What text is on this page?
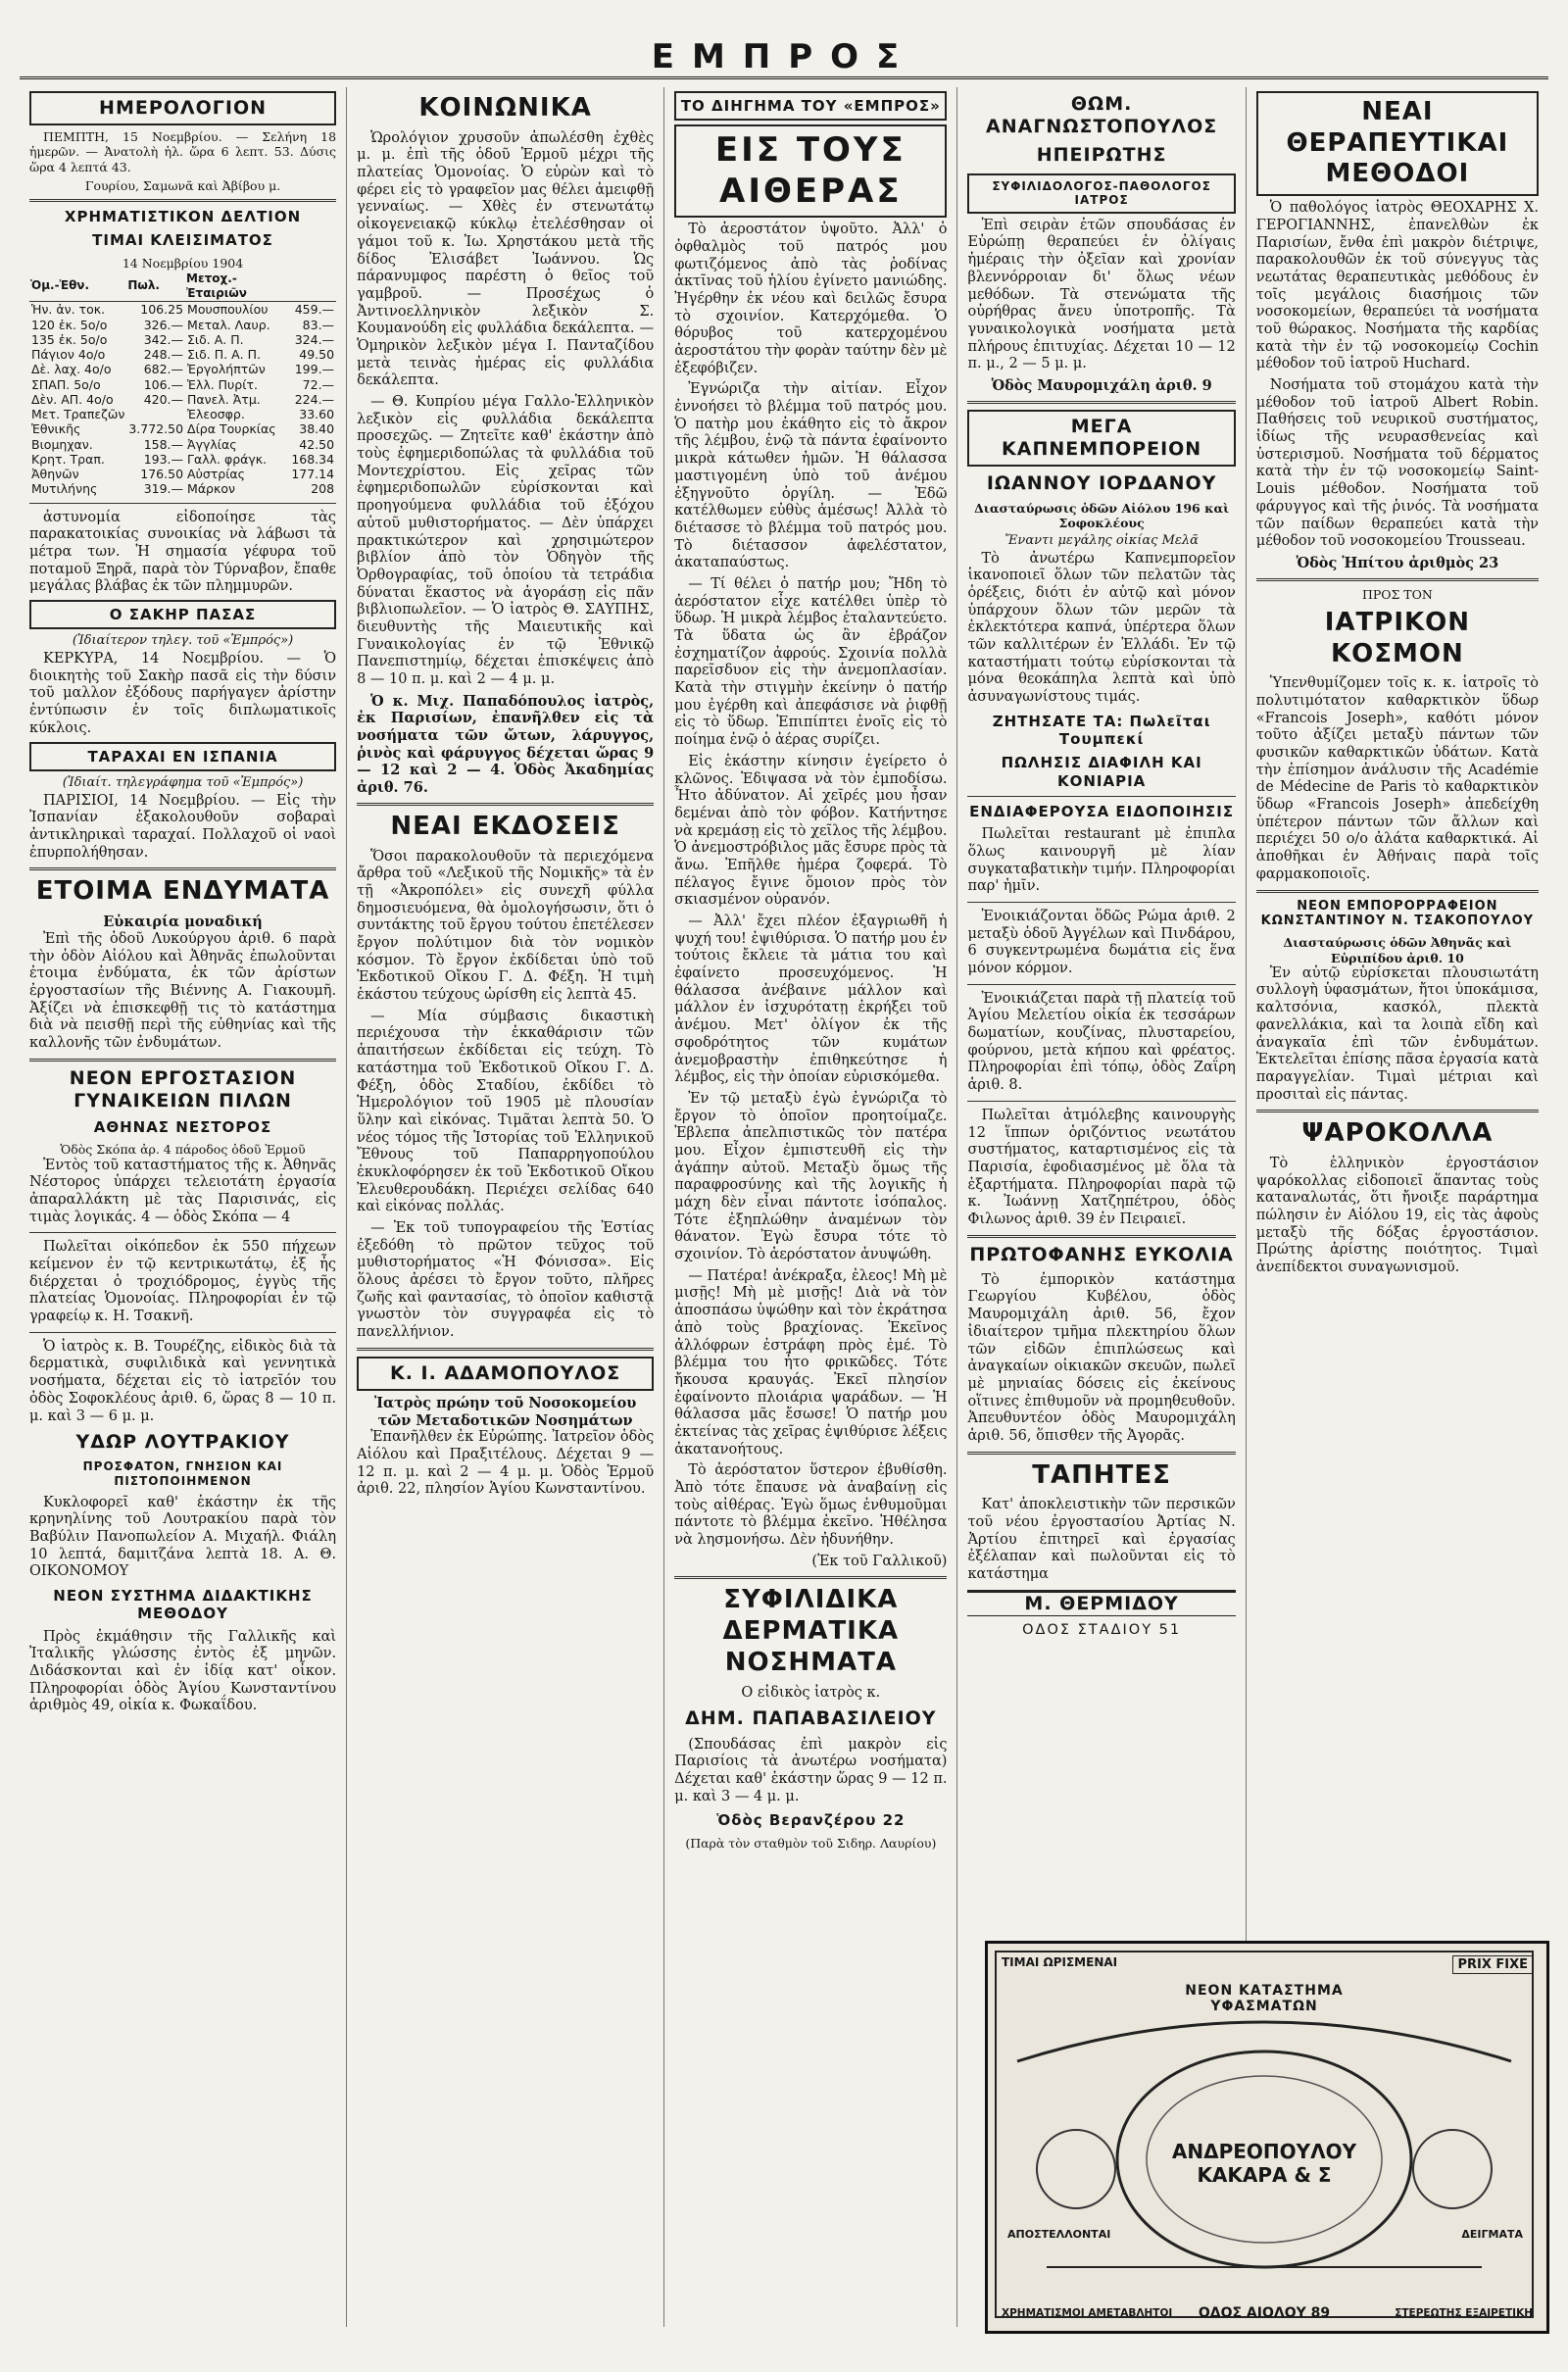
ΕΜΠΡΟΣ
ΗΜΕΡΟΛΟΓΙΟΝ

ΠΕΜΠΤΗ, 15 Νοεμβρίου. — Σελήνη 18 ἡμερῶν. — Ἀνατολὴ ἡλ. ὥρα 6 λεπτ. 53. Δύσις ὥρα 4 λεπτά 43.

Γουρίου, Σαμωνᾶ καὶ Ἀβίβου μ.
ΧΡΗΜΑΤΙΣΤΙΚΟΝ ΔΕΛΤΙΟΝ
ΤΙΜΑΙ ΚΛΕΙΣΙΜΑΤΟΣ
14 Νοεμβρίου 1904
Ὁμ.-Ἐθν.	Πωλ.	Μετοχ.-Ἐταιριῶν	
Ἡν. ἀν. τοκ.	106.25	Μουσπουλίου	459.—
120 ἐκ. 5ο/ο	326.—	Μεταλ. Λαυρ.	83.—
135 ἐκ. 5ο/ο	342.—	Σιδ. Α. Π.	324.—
Πάγιον 4ο/ο	248.—	Σιδ. Π. Α. Π.	49.50
Δὲ. λαχ. 4ο/ο	682.—	Ἐργολήπτῶν	199.—
ΣΠΑΠ. 5ο/ο	106.—	Ἑλλ. Πυρίτ.	72.—
Δὲν. ΑΠ. 4ο/ο	420.—	Πανελ. Ἀτμ.	224.—
Μετ. Τραπεζῶν		Ἐλεοσφρ.	33.60
Ἐθνικῆς	3.772.50	Δίρα Τουρκίας	38.40
Βιομηχαν.	158.—	Ἀγγλίας	42.50
Κρητ. Τραπ.	193.—	Γαλλ. φράγκ.	168.34
Ἀθηνῶν	176.50	Αὐστρίας	177.14
Μυτιλήνης	319.—	Μάρκον	208

ἀστυνομία εἰδοποίησε τὰς παρακατοικίας συνοικίας νὰ λάβωσι τὰ μέτρα των. Ἡ σημασία γέφυρα τοῦ ποταμοῦ Ξηρᾶ, παρὰ τὸν Τύρναβον, ἔπαθε μεγάλας βλάβας ἐκ τῶν πλημμυρῶν.

Ο ΣΑΚΗΡ ΠΑΣΑΣ
(Ἰδιαίτερον τηλεγ. τοῦ «Ἐμπρός»)

ΚΕΡΚΥΡΑ, 14 Νοεμβρίου. — Ὁ διοικητὴς τοῦ Σακὴρ πασᾶ εἰς τὴν δύσιν τοῦ μαλλον ἐξόδους παρήγαγεν ἀρίστην ἐντύπωσιν ἐν τοῖς διπλωματικοῖς κύκλοις.

ΤΑΡΑΧΑΙ ΕΝ ΙΣΠΑΝΙΑ
(Ἰδιαίτ. τηλεγράφημα τοῦ «Ἐμπρός»)

ΠΑΡΙΣΙΟΙ, 14 Νοεμβρίου. — Εἰς τὴν Ἰσπανίαν ἐξακολουθοῦν σοβαραὶ ἀντικληρικαὶ ταραχαί. Πολλαχοῦ οἱ ναοὶ ἐπυρπολήθησαν.

ΕΤΟΙΜΑ ΕΝΔΥΜΑΤΑ
Εὐκαιρία μοναδική

Ἐπὶ τῆς ὁδοῦ Λυκούργου ἀριθ. 6 παρὰ τὴν ὁδὸν Αἰόλου καὶ Ἀθηνᾶς ἐπωλοῦνται ἐτοιμα ἐνδύματα, ἐκ τῶν ἀρίστων ἐργοστασίων τῆς Βιέννης Α. Γιακουμῆ. Ἀξίζει νὰ ἐπισκεφθῇ τις τὸ κατάστημα διὰ νὰ πεισθῇ περὶ τῆς εὐθηνίας καὶ τῆς καλλονῆς τῶν ἐνδυμάτων.

ΝΕΟΝ ΕΡΓΟΣΤΑΣΙΟΝ ΓΥΝΑΙΚΕΙΩΝ ΠΙΛΩΝ
ΑΘΗΝΑΣ ΝΕΣΤΟΡΟΣ
Ὁδὸς Σκόπα ἀρ. 4 πάροδος ὁδοῦ Ἑρμοῦ

Ἐντὸς τοῦ καταστήματος τῆς κ. Ἀθηνᾶς Νέστορος ὑπάρχει τελειοτάτη ἐργασία ἀπαραλλάκτη μὲ τὰς Παρισινάς, εἰς τιμὰς λογικάς. 4 — ὁδὸς Σκόπα — 4

Πωλεῖται οἰκόπεδον ἐκ 550 πήχεων κείμενον ἐν τῷ κεντρικωτάτῳ, ἐξ ἧς διέρχεται ὁ τροχιόδρομος, ἐγγὺς τῆς πλατείας Ὁμονοίας. Πληροφορίαι ἐν τῷ γραφείῳ κ. Η. Τσακνῆ.

Ὁ ἰατρὸς κ. Β. Τουρέζης, εἰδικὸς διὰ τὰ δερματικὰ, συφιλιδικὰ καὶ γεννητικὰ νοσήματα, δέχεται εἰς τὸ ἰατρεῖόν του ὁδὸς Σοφοκλέους ἀριθ. 6, ὥρας 8 — 10 π. μ. καὶ 3 — 6 μ. μ.

ΥΔΩΡ ΛΟΥΤΡΑΚΙΟΥ
ΠΡΟΣΦΑΤΟΝ, ΓΝΗΣΙΟΝ ΚΑΙ ΠΙΣΤΟΠΟΙΗΜΕΝΟΝ

Κυκλοφορεῖ καθ' ἑκάστην ἐκ τῆς κρηνηλίνης τοῦ Λουτρακίου παρὰ τὸν Βαβύλιν Πανοπωλείον Α. Μιχαήλ. Φιάλη 10 λεπτά, δαμιτζάνα λεπτὰ 18. Α. Θ. ΟΙΚΟΝΟΜΟΥ

ΝΕΟΝ ΣΥΣΤΗΜΑ ΔΙΔΑΚΤΙΚΗΣ ΜΕΘΟΔΟΥ

Πρὸς ἐκμάθησιν τῆς Γαλλικῆς καὶ Ἰταλικῆς γλώσσης ἐντὸς ἐξ μηνῶν. Διδάσκονται καὶ ἐν ἰδίᾳ κατ' οἶκον. Πληροφορίαι ὁδὸς Ἁγίου Κωνσταντίνου ἀριθμὸς 49, οἰκία κ. Φωκαΐδου.

ΚΟΙΝΩΝΙΚΑ

Ὡρολόγιον χρυσοῦν ἀπωλέσθη ἐχθὲς μ. μ. ἐπὶ τῆς ὁδοῦ Ἑρμοῦ μέχρι τῆς πλατείας Ὁμονοίας. Ὁ εὑρὼν καὶ τὸ φέρει εἰς τὸ γραφεῖον μας θέλει ἀμειφθῇ γενναίως. — Χθὲς ἐν στενωτάτῳ οἰκογενειακῷ κύκλῳ ἐτελέσθησαν οἱ γάμοι τοῦ κ. Ἰω. Χρηστάκου μετὰ τῆς δίδος Ἐλισάβετ Ἰωάννου. Ὡς πάρανυμφος παρέστη ὁ θεῖος τοῦ γαμβροῦ. — Προσέχως ὁ Ἀντινοελληνικὸν λεξικὸν Σ. Κουμανούδη εἰς φυλλάδια δεκάλεπτα. — Ὁμηρικὸν λεξικὸν μέγα Ι. Πανταζίδου μετὰ τεινὰς ἡμέρας εἰς φυλλάδια δεκάλεπτα.

— Θ. Κυπρίου μέγα Γαλλο-Ἑλληνικὸν λεξικὸν εἰς φυλλάδια δεκάλεπτα προσεχῶς. — Ζητεῖτε καθ' ἑκάστην ἀπὸ τοὺς ἐφημεριδοπώλας τὰ φυλλάδια τοῦ Μοντεχρίστου. Εἰς χεῖρας τῶν ἐφημεριδοπωλῶν εὑρίσκονται καὶ προηγούμενα φυλλάδια τοῦ ἐξόχου αὐτοῦ μυθιστορήματος. — Δὲν ὑπάρχει πρακτικώτερον καὶ χρησιμώτερον βιβλίον ἀπὸ τὸν Ὁδηγὸν τῆς Ὀρθογραφίας, τοῦ ὁποίου τὰ τετράδια δύναται ἕκαστος νὰ ἀγοράσῃ εἰς πᾶν βιβλιοπωλεῖον. — Ὁ ἰατρὸς Θ. ΣΑΥΠΗΣ, διευθυντὴς τῆς Μαιευτικῆς καὶ Γυναικολογίας ἐν τῷ Ἐθνικῷ Πανεπιστημίῳ, δέχεται ἐπισκέψεις ἀπὸ 8 — 10 π. μ. καὶ 2 — 4 μ. μ.

Ὁ κ. Μιχ. Παπαδόπουλος ἰατρὸς, ἐκ Παρισίων, ἐπανῆλθεν εἰς τὰ νοσήματα τῶν ὤτων, λάρυγγος, ῥινὸς καὶ φάρυγγος δέχεται ὥρας 9 — 12 καὶ 2 — 4. Ὁδὸς Ἀκαδημίας ἀριθ. 76.

ΝΕΑΙ ΕΚΔΟΣΕΙΣ

Ὅσοι παρακολουθοῦν τὰ περιεχόμενα ἄρθρα τοῦ «Λεξικοῦ τῆς Νομικῆς» τὰ ἐν τῇ «Ἀκροπόλει» εἰς συνεχῆ φύλλα δημοσιευόμενα, θὰ ὁμολογήσωσιν, ὅτι ὁ συντάκτης τοῦ ἔργου τούτου ἐπετέλεσεν ἔργον πολύτιμον διὰ τὸν νομικὸν κόσμον. Τὸ ἔργον ἐκδίδεται ὑπὸ τοῦ Ἐκδοτικοῦ Οἴκου Γ. Δ. Φέξη. Ἡ τιμὴ ἑκάστου τεύχους ὡρίσθη εἰς λεπτὰ 45.

— Μία σύμβασις δικαστικὴ περιέχουσα τὴν ἐκκαθάρισιν τῶν ἀπαιτήσεων ἐκδίδεται εἰς τεύχη. Τὸ κατάστημα τοῦ Ἐκδοτικοῦ Οἴκου Γ. Δ. Φέξη, ὁδὸς Σταδίου, ἐκδίδει τὸ Ἡμερολόγιον τοῦ 1905 μὲ πλουσίαν ὕλην καὶ εἰκόνας. Τιμᾶται λεπτὰ 50. Ὁ νέος τόμος τῆς Ἱστορίας τοῦ Ἑλληνικοῦ Ἔθνους τοῦ Παπαρρηγοπούλου ἐκυκλοφόρησεν ἐκ τοῦ Ἐκδοτικοῦ Οἴκου Ἐλευθερουδάκη. Περιέχει σελίδας 640 καὶ εἰκόνας πολλάς.

— Ἐκ τοῦ τυπογραφείου τῆς Ἑστίας ἐξεδόθη τὸ πρῶτον τεῦχος τοῦ μυθιστορήματος «Ἡ Φόνισσα». Εἰς ὅλους ἀρέσει τὸ ἔργον τοῦτο, πλῆρες ζωῆς καὶ φαντασίας, τὸ ὁποῖον καθιστᾷ γνωστὸν τὸν συγγραφέα εἰς τὸ πανελλήνιον.

Κ. Ι. ΑΔΑΜΟΠΟΥΛΟΣ
Ἰατρὸς πρώην τοῦ Νοσοκομείου τῶν Μεταδοτικῶν Νοσημάτων

Ἐπανῆλθεν ἐκ Εὐρώπης. Ἰατρεῖον ὁδὸς Αἰόλου καὶ Πραξιτέλους. Δέχεται 9 — 12 π. μ. καὶ 2 — 4 μ. μ. Ὁδὸς Ἑρμοῦ ἀριθ. 22, πλησίον Ἁγίου Κωνσταντίνου.

ΤΟ ΔΙΗΓΗΜΑ ΤΟΥ «ΕΜΠΡΟΣ»
ΕΙΣ ΤΟΥΣ ΑΙΘΕΡΑΣ

Τὸ ἀεροστάτον ὑψοῦτο. Ἀλλ' ὁ ὀφθαλμὸς τοῦ πατρός μου φωτιζόμενος ἀπὸ τὰς ῥοδίνας ἀκτῖνας τοῦ ἡλίου ἐγίνετο μανιώδης. Ἠγέρθην ἐκ νέου καὶ δειλῶς ἔσυρα τὸ σχοινίον. Κατερχόμεθα. Ὁ θόρυβος τοῦ κατερχομένου ἀεροστάτου τὴν φορὰν ταύτην δὲν μὲ ἐξεφόβιζεν.

Ἐγνώριζα τὴν αἰτίαν. Εἶχον ἐννοήσει τὸ βλέμμα τοῦ πατρός μου. Ὁ πατὴρ μου ἐκάθητο εἰς τὸ ἄκρον τῆς λέμβου, ἐνῷ τὰ πάντα ἐφαίνοντο μικρὰ κάτωθεν ἡμῶν. Ἡ θάλασσα μαστιγομένη ὑπὸ τοῦ ἀνέμου ἐξηγνοῦτο ὀργίλη. — Ἐδῶ κατέλθωμεν εὐθὺς ἀμέσως! Ἀλλὰ τὸ διέτασσε τὸ βλέμμα τοῦ πατρός μου. Τὸ διέτασσον ἀφελέστατον, ἀκαταπαύστως.

— Τί θέλει ὁ πατήρ μου; Ἤδη τὸ ἀερόστατον εἶχε κατέλθει ὑπὲρ τὸ ὕδωρ. Ἡ μικρὰ λέμβος ἐταλαντεύετο. Τὰ ὕδατα ὡς ἂν ἐβράζον ἐσχηματίζον ἀφρούς. Σχοινία πολλὰ παρεῖσδυον εἰς τὴν ἀνεμοπλασίαν. Κατὰ τὴν στιγμὴν ἐκείνην ὁ πατήρ μου ἐγέρθη καὶ ἀπεφάσισε νὰ ῥιφθῇ εἰς τὸ ὕδωρ. Ἐπιπίπτει ἐνοῖς εἰς τὸ ποίημα ἐνῷ ὁ ἀέρας συρίζει.

Εἰς ἑκάστην κίνησιν ἐγείρετο ὁ κλῶνος. Ἐδιψασα νὰ τὸν ἐμποδίσω. Ἦτο ἀδύνατον. Αἱ χεῖρές μου ἦσαν δεμέναι ἀπὸ τὸν φόβον. Κατήντησε νὰ κρεμάσῃ εἰς τὸ χεῖλος τῆς λέμβου. Ὁ ἀνεμοστρόβιλος μᾶς ἔσυρε πρὸς τὰ ἄνω. Ἐπῆλθε ἡμέρα ζοφερά. Τὸ πέλαγος ἔγινε ὅμοιον πρὸς τὸν σκιασμένον οὐρανόν.

— Ἀλλ' ἔχει πλέον ἐξαγριωθῆ ἡ ψυχή του! ἐψιθύρισα. Ὁ πατήρ μου ἐν τούτοις ἔκλειε τὰ μάτια του καὶ ἐφαίνετο προσευχόμενος. Ἡ θάλασσα ἀνέβαινε μάλλον καὶ μάλλον ἐν ἰσχυρότατῃ ἐκρήξει τοῦ ἀνέμου. Μετ' ὀλίγον ἐκ τῆς σφοδρότητος τῶν κυμάτων ἀνεμοβραστὴν ἐπιθηκεύτησε ἡ λέμβος, εἰς τὴν ὁποίαν εὑρισκόμεθα.

Ἐν τῷ μεταξὺ ἐγὼ ἐγνώριζα τὸ ἔργον τὸ ὁποῖον προητοίμαζε. Ἐβλεπα ἀπελπιστικῶς τὸν πατέρα μου. Εἶχον ἐμπιστευθῆ εἰς τὴν ἀγάπην αὐτοῦ. Μεταξὺ ὅμως τῆς παραφροσύνης καὶ τῆς λογικῆς ἡ μάχη δὲν εἶναι πάντοτε ἰσόπαλος. Τότε ἐξηπλώθην ἀναμένων τὸν θάνατον. Ἐγὼ ἔσυρα τότε τὸ σχοινίον. Τὸ ἀερόστατον ἀνυψώθη.

— Πατέρα! ἀνέκραξα, ἐλεος! Μὴ μὲ μισῇς! Μὴ μὲ μισῇς! Διὰ νὰ τὸν ἀποσπάσω ὑψώθην καὶ τὸν ἐκράτησα ἀπὸ τοὺς βραχίονας. Ἐκεῖνος ἀλλόφρων ἐστράφη πρὸς ἐμέ. Τὸ βλέμμα του ἦτο φρικῶδες. Τότε ἤκουσα κραυγάς. Ἐκεῖ πλησίον ἐφαίνοντο πλοιάρια ψαράδων. — Ἡ θάλασσα μᾶς ἔσωσε! Ὁ πατήρ μου ἐκτείνας τὰς χεῖρας ἐψιθύρισε λέξεις ἀκατανοήτους.

Τὸ ἀερόστατον ὕστερον ἐβυθίσθη. Ἀπὸ τότε ἔπαυσε νὰ ἀναβαίνῃ εἰς τοὺς αἰθέρας. Ἐγὼ ὅμως ἐνθυμοῦμαι πάντοτε τὸ βλέμμα ἐκεῖνο. Ἠθέλησα νὰ λησμονήσω. Δὲν ἠδυνήθην.

(Ἐκ τοῦ Γαλλικοῦ)
ΣΥΦΙΛΙΔΙΚΑ ΔΕΡΜΑΤΙΚΑ ΝΟΣΗΜΑΤΑ
Ο εἰδικὸς ἰατρὸς κ.
ΔΗΜ. ΠΑΠΑΒΑΣΙΛΕΙΟΥ

(Σπουδάσας ἐπὶ μακρὸν εἰς Παρισίοις τὰ ἀνωτέρω νοσήματα) Δέχεται καθ' ἑκάστην ὥρας 9 — 12 π. μ. καὶ 3 — 4 μ. μ.

Ὁδὸς Βερανζέρου 22
(Παρὰ τὸν σταθμὸν τοῦ Σιδηρ. Λαυρίου)
ΘΩΜ. ΑΝΑΓΝΩΣΤΟΠΟΥΛΟΣ
ΗΠΕΙΡΩΤΗΣ
ΣΥΦΙΛΙΔΟΛΟΓΟΣ-ΠΑΘΟΛΟΓΟΣ ΙΑΤΡΟΣ

Ἐπὶ σειρὰν ἐτῶν σπουδάσας ἐν Εὐρώπῃ θεραπεύει ἐν ὀλίγαις ἡμέραις τὴν ὀξεῖαν καὶ χρονίαν βλεννόρροιαν δι' ὅλως νέων μεθόδων. Τὰ στενώματα τῆς οὐρήθρας ἄνευ ὑποτροπῆς. Τὰ γυναικολογικὰ νοσήματα μετὰ πλήρους ἐπιτυχίας. Δέχεται 10 — 12 π. μ., 2 — 5 μ. μ.

Ὁδὸς Μαυρομιχάλη ἀριθ. 9
ΜΕΓΑ ΚΑΠΝΕΜΠΟΡΕΙΟΝ
ΙΩΑΝΝΟΥ ΙΟΡΔΑΝΟΥ
Διασταύρωσις ὁδῶν Αἰόλου 196 καὶ Σοφοκλέους
Ἔναντι μεγάλης οἰκίας Μελᾶ

Τὸ ἀνωτέρω Καπνεμπορεῖον ἱκανοποιεῖ ὅλων τῶν πελατῶν τὰς ὀρέξεις, διότι ἐν αὐτῷ καὶ μόνον ὑπάρχουν ὅλων τῶν μερῶν τὰ ἐκλεκτότερα καπνά, ὑπέρτερα ὅλων τῶν καλλιτέρων ἐν Ἑλλάδι. Ἐν τῷ καταστήματι τούτῳ εὑρίσκονται τὰ μόνα θεοκάπηλα λεπτὰ καὶ ὑπὸ ἀσυναγωνίστους τιμάς.

ΖΗΤΗΣΑΤΕ ΤΑ: Πωλεῖται Τουμπεκί
ΠΩΛΗΣΙΣ ΔΙΑΦΙΛΗ ΚΑΙ ΚΟΝΙΑΡΙΑ
ΕΝΔΙΑΦΕΡΟΥΣΑ ΕΙΔΟΠΟΙΗΣΙΣ

Πωλεῖται restaurant μὲ ἐπιπλα ὅλως καινουργῆ μὲ λίαν συγκαταβατικὴν τιμήν. Πληροφορίαι παρ' ἡμῖν.

Ἐνοικιάζονται ὅδῶς Ρώμα ἀριθ. 2 μεταξὺ ὁδοῦ Ἀγγέλων καὶ Πινδάρου, 6 συγκεντρωμένα δωμάτια εἰς ἕνα μόνον κόρμον.

Ἐνοικιάζεται παρὰ τῇ πλατείᾳ τοῦ Ἁγίου Μελετίου οἰκία ἐκ τεσσάρων δωματίων, κουζίνας, πλυσταρείου, φούρνου, μετὰ κήπου καὶ φρέατος. Πληροφορίαι ἐπὶ τόπῳ, ὁδὸς Ζαΐρη ἀριθ. 8.

Πωλεῖται ἀτμόλεβης καινουργὴς 12 ἵππων ὁριζόντιος νεωτάτου συστήματος, καταρτισμένος εἰς τὰ Παρισία, ἐφοδιασμένος μὲ ὅλα τὰ ἐξαρτήματα. Πληροφορίαι παρὰ τῷ κ. Ἰωάννῃ Χατζηπέτρου, ὁδὸς Φιλωνος ἀριθ. 39 ἐν Πειραιεῖ.

ΠΡΩΤΟΦΑΝΗΣ ΕΥΚΟΛΙΑ

Τὸ ἐμπορικὸν κατάστημα Γεωργίου Κυβέλου, ὁδὸς Μαυρομιχάλη ἀριθ. 56, ἔχον ἰδιαίτερον τμῆμα πλεκτηρίου ὅλων τῶν εἰδῶν ἐπιπλώσεως καὶ ἀναγκαίων οἰκιακῶν σκευῶν, πωλεῖ μὲ μηνιαίας δόσεις εἰς ἐκείνους οἵτινες ἐπιθυμοῦν νὰ προμηθευθοῦν. Ἀπευθυντέον ὁδὸς Μαυρομιχάλη ἀριθ. 56, ὅπισθεν τῆς Ἀγορᾶς.

ΤΑΠΗΤΕΣ

Κατ' ἀποκλειστικὴν τῶν περσικῶν τοῦ νέου ἐργοστασίου Ἀρτίας Ν. Ἀρτίου ἐπιτηρεῖ καὶ ἐργασίας ἐξέλαπαν καὶ πωλοῦνται εἰς τὸ κατάστημα

Μ. ΘΕΡΜΙΔΟΥ
ΟΔΟΣ ΣΤΑΔΙΟΥ 51
ΝΕΑΙ ΘΕΡΑΠΕΥΤΙΚΑΙ ΜΕΘΟΔΟΙ

Ὁ παθολόγος ἰατρὸς ΘΕΟΧΑΡΗΣ Χ. ΓΕΡΟΓΙΑΝΝΗΣ, ἐπανελθὼν ἐκ Παρισίων, ἔνθα ἐπὶ μακρὸν διέτριψε, παρακολουθῶν ἐκ τοῦ σύνεγγυς τὰς νεωτάτας θεραπευτικὰς μεθόδους ἐν τοῖς μεγάλοις διασήμοις τῶν νοσοκομείων, θεραπεύει τὰ νοσήματα τοῦ θώρακος. Νοσήματα τῆς καρδίας κατὰ τὴν ἐν τῷ νοσοκομείῳ Cochin μέθοδον τοῦ ἰατροῦ Huchard.

Νοσήματα τοῦ στομάχου κατὰ τὴν μέθοδον τοῦ ἰατροῦ Albert Robin. Παθήσεις τοῦ νευρικοῦ συστήματος, ἰδίως τῆς νευρασθενείας καὶ ὑστερισμοῦ. Νοσήματα τοῦ δέρματος κατὰ τὴν ἐν τῷ νοσοκομείῳ Saint-Louis μέθοδον. Νοσήματα τοῦ φάρυγγος καὶ τῆς ῥινός. Τὰ νοσήματα τῶν παίδων θεραπεύει κατὰ τὴν μέθοδον τοῦ νοσοκομείου Trousseau.

Ὁδὸς Ἡπίτου ἀριθμὸς 23
ΠΡΟΣ ΤΟΝ
ΙΑΤΡΙΚΟΝ ΚΟΣΜΟΝ

Ὑπενθυμίζομεν τοῖς κ. κ. ἰατροῖς τὸ πολυτιμότατον καθαρκτικὸν ὕδωρ «Francois Joseph», καθότι μόνον τοῦτο ἀξίζει μεταξὺ πάντων τῶν φυσικῶν καθαρκτικῶν ὑδάτων. Κατὰ τὴν ἐπίσημον ἀνάλυσιν τῆς Académie de Médecine de Paris τὸ καθαρκτικὸν ὕδωρ «Francois Joseph» ἀπεδείχθη ὑπέτερον πάντων τῶν ἄλλων καὶ περιέχει 50 ο/ο ἀλάτα καθαρκτικά. Αἱ ἀποθῆκαι ἐν Ἀθήναις παρὰ τοῖς φαρμακοποιοῖς.

ΝΕΟΝ ΕΜΠΟΡΟΡΡΑΦΕΙΟΝ ΚΩΝΣΤΑΝΤΙΝΟΥ Ν. ΤΣΑΚΟΠΟΥΛΟΥ
Διασταύρωσις ὁδῶν Ἀθηνᾶς καὶ Εὐριπίδου ἀριθ. 10

Ἐν αὐτῷ εὑρίσκεται πλουσιωτάτη συλλογὴ ὑφασμάτων, ἤτοι ὑποκάμισα, καλτσόνια, κασκόλ, πλεκτὰ φανελλάκια, καὶ τα λοιπὰ εἴδη καὶ ἀναγκαῖα ἐπὶ τῶν ἐνδυμάτων. Ἐκτελεῖται ἐπίσης πᾶσα ἐργασία κατὰ παραγγελίαν. Τιμαὶ μέτριαι καὶ προσιταὶ εἰς πάντας.

ΨΑΡΟΚΟΛΛΑ

Τὸ ἑλληνικὸν ἐργοστάσιον ψαρόκολλας εἰδοποιεῖ ἅπαντας τοὺς καταναλωτάς, ὅτι ἤνοιξε παράρτημα πώλησιν ἐν Αἰόλου 19, εἰς τὰς ἀφοὺς μεταξὺ τῆς δόξας ἐργοστάσιον. Πρώτης ἀρίστης ποιότητος. Τιμαὶ ἀνεπίδεκτοι συναγωνισμοῦ.

ΤΙΜΑΙ ΩΡΙΣΜΕΝΑΙ
ΝΕΟΝ ΚΑΤΑΣΤΗΜΑ ΥΦΑΣΜΑΤΩΝ
PRIX FIXE
ΑΝΔΡΕΟΠΟΥΛΟΥ ΚΑΚΑΡΑ & Σ
ΑΠΟΣΤΕΛΛΟΝΤΑΙ	ΔΕΙΓΜΑΤΑ
ΧΡΗΜΑΤΙΣΜΟΙ ΑΜΕΤΑΒΛΗΤΟΙ	ΟΔΟΣ ΑΙΟΛΟΥ 89	ΣΤΕΡΕΩΤΗΣ ΕΞΑΙΡΕΤΙΚΗ
